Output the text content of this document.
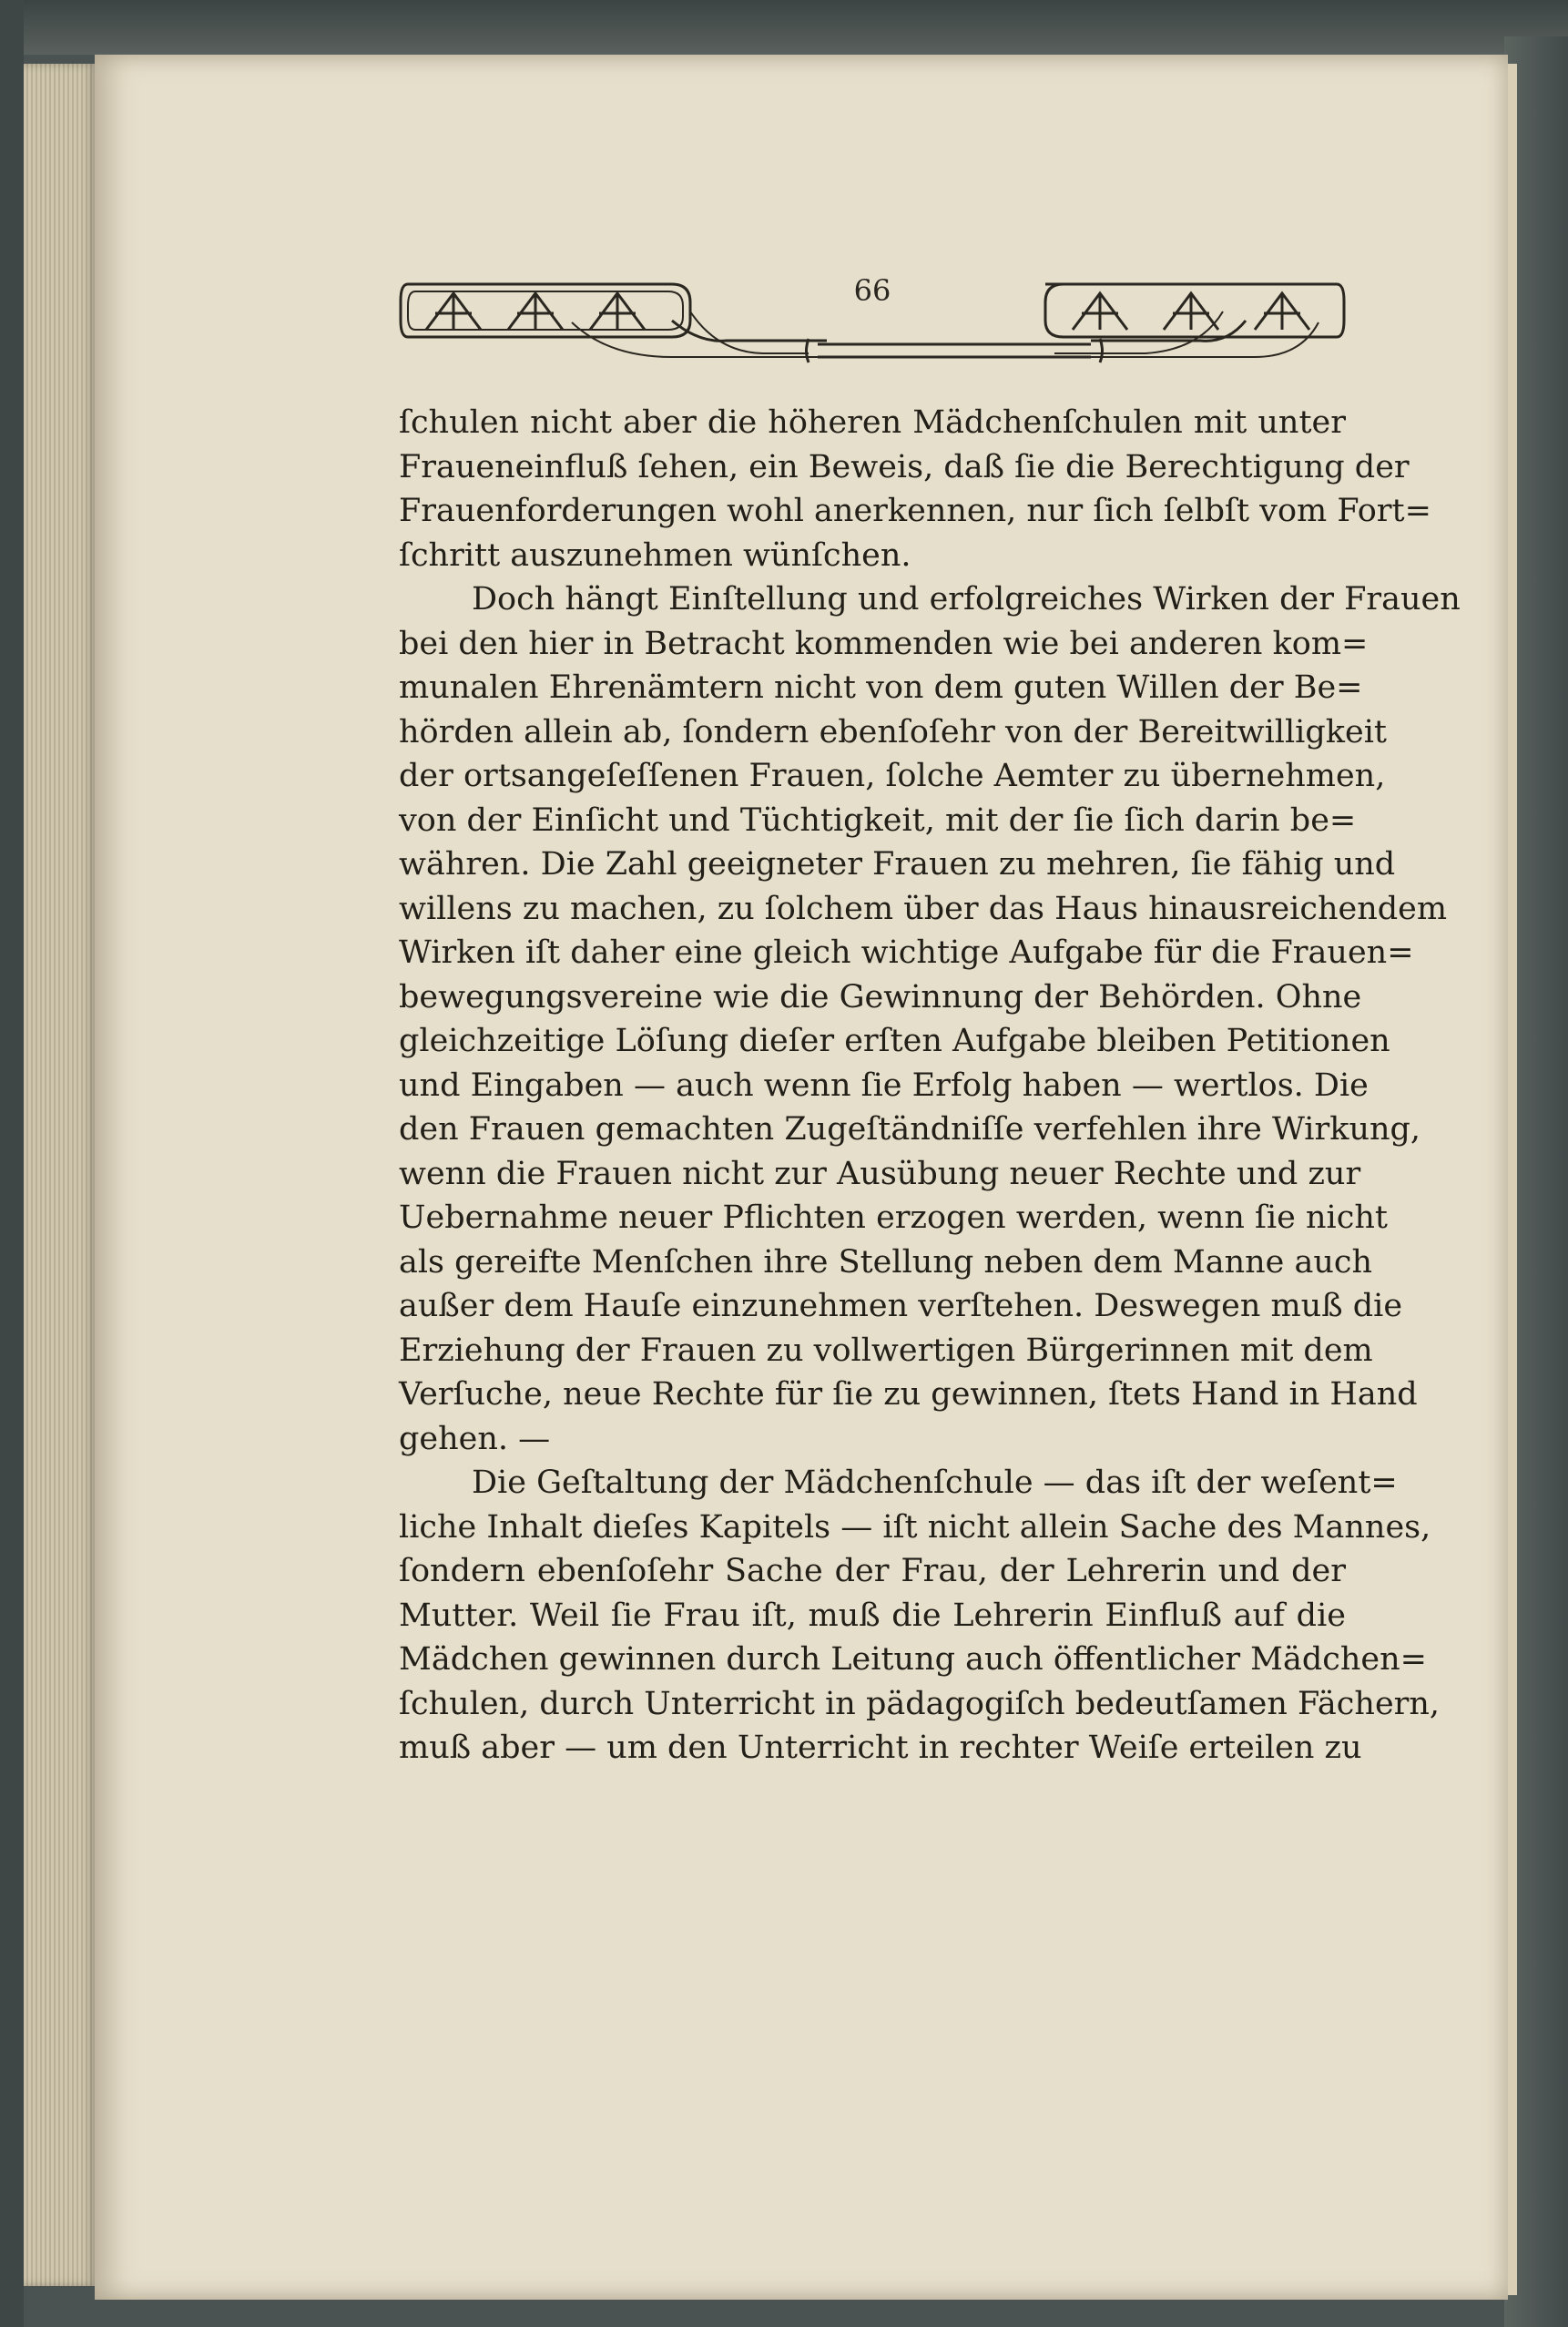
66
ſchulen nicht aber die höheren Mädchenſchulen mit unter
Fraueneinfluß ſehen, ein Beweis, daß ſie die Berechtigung der
Frauenforderungen wohl anerkennen, nur ſich ſelbſt vom Fort=
ſchritt auszunehmen wünſchen.
Doch hängt Einſtellung und erfolgreiches Wirken der Frauen
bei den hier in Betracht kommenden wie bei anderen kom=
munalen Ehrenämtern nicht von dem guten Willen der Be=
hörden allein ab, ſondern ebenſoſehr von der Bereitwilligkeit
der ortsangeſeſſenen Frauen, ſolche Aemter zu übernehmen,
von der Einſicht und Tüchtigkeit, mit der ſie ſich darin be=
währen. Die Zahl geeigneter Frauen zu mehren, ſie fähig und
willens zu machen, zu ſolchem über das Haus hinausreichendem
Wirken iſt daher eine gleich wichtige Aufgabe für die Frauen=
bewegungsvereine wie die Gewinnung der Behörden. Ohne
gleichzeitige Löſung dieſer erſten Aufgabe bleiben Petitionen
und Eingaben — auch wenn ſie Erfolg haben — wertlos. Die
den Frauen gemachten Zugeſtändniſſe verfehlen ihre Wirkung,
wenn die Frauen nicht zur Ausübung neuer Rechte und zur
Uebernahme neuer Pflichten erzogen werden, wenn ſie nicht
als gereifte Menſchen ihre Stellung neben dem Manne auch
außer dem Hauſe einzunehmen verſtehen. Deswegen muß die
Erziehung der Frauen zu vollwertigen Bürgerinnen mit dem
Verſuche, neue Rechte für ſie zu gewinnen, ſtets Hand in Hand
gehen. —
Die Geſtaltung der Mädchenſchule — das iſt der weſent=
liche Inhalt dieſes Kapitels — iſt nicht allein Sache des Mannes,
ſondern ebenſoſehr Sache der Frau, der Lehrerin und der
Mutter. Weil ſie Frau iſt, muß die Lehrerin Einfluß auf die
Mädchen gewinnen durch Leitung auch öffentlicher Mädchen=
ſchulen, durch Unterricht in pädagogiſch bedeutſamen Fächern,
muß aber — um den Unterricht in rechter Weiſe erteilen zu
